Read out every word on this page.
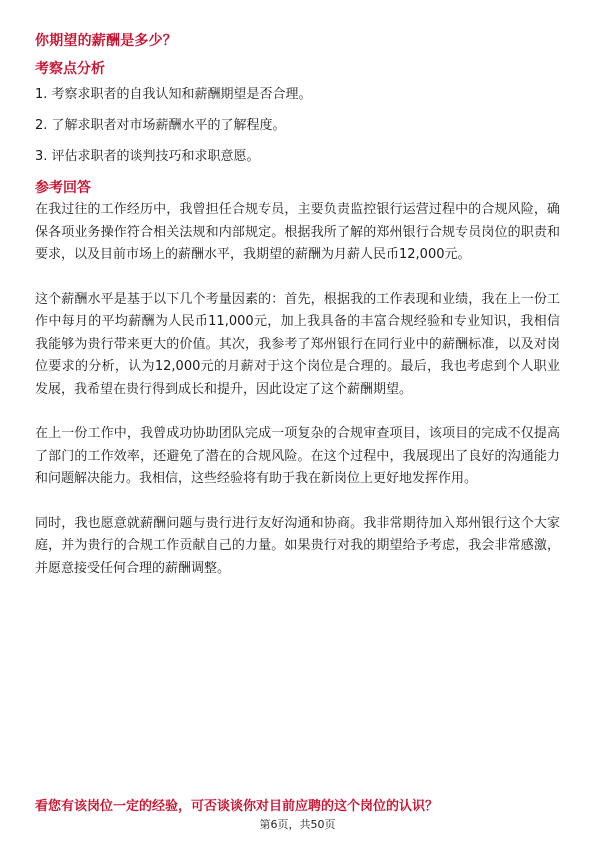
你期望的薪酬是多少？
考察点分析
1. 考察求职者的自我认知和薪酬期望是否合理。
2. 了解求职者对市场薪酬水平的了解程度。
3. 评估求职者的谈判技巧和求职意愿。
参考回答

在我过往的工作经历中，我曾担任合规专员，主要负责监控银行运营过程中的合规风险，确保各项业务操作符合相关法规和内部规定。根据我所了解的郑州银行合规专员岗位的职责和要求，以及目前市场上的薪酬水平，我期望的薪酬为月薪人民币12,000元。

这个薪酬水平是基于以下几个考量因素的：首先，根据我的工作表现和业绩，我在上一份工作中每月的平均薪酬为人民币11,000元，加上我具备的丰富合规经验和专业知识，我相信我能够为贵行带来更大的价值。其次，我参考了郑州银行在同行业中的薪酬标准，以及对岗位要求的分析，认为12,000元的月薪对于这个岗位是合理的。最后，我也考虑到个人职业发展，我希望在贵行得到成长和提升，因此设定了这个薪酬期望。

在上一份工作中，我曾成功协助团队完成一项复杂的合规审查项目，该项目的完成不仅提高了部门的工作效率，还避免了潜在的合规风险。在这个过程中，我展现出了良好的沟通能力和问题解决能力。我相信，这些经验将有助于我在新岗位上更好地发挥作用。

同时，我也愿意就薪酬问题与贵行进行友好沟通和协商。我非常期待加入郑州银行这个大家庭，并为贵行的合规工作贡献自己的力量。如果贵行对我的期望给予考虑，我会非常感激，并愿意接受任何合理的薪酬调整。

看您有该岗位一定的经验，可否谈谈你对目前应聘的这个岗位的认识？
第6页，共50页
